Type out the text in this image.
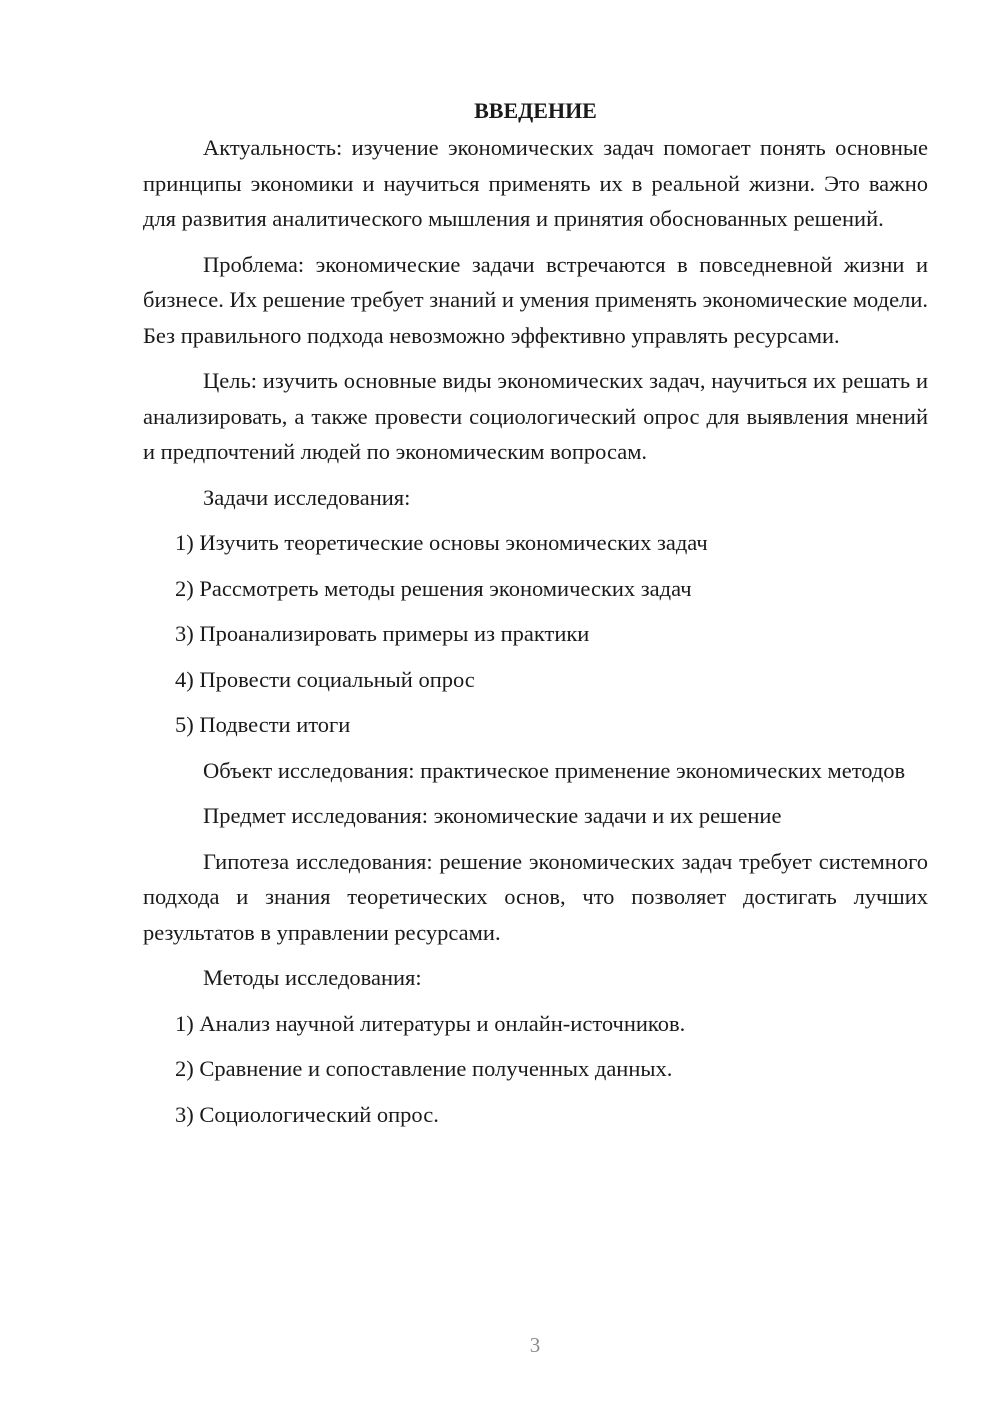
ВВЕДЕНИЕ

Актуальность: изучение экономических задач помогает понять основные принципы экономики и научиться применять их в реальной жизни. Это важно для развития аналитического мышления и принятия обоснованных решений.

Проблема: экономические задачи встречаются в повседневной жизни и бизнесе. Их решение требует знаний и умения применять экономические модели. Без правильного подхода невозможно эффективно управлять ресурсами.

Цель: изучить основные виды экономических задач, научиться их решать и анализировать, а также провести социологический опрос для выявления мнений и предпочтений людей по экономическим вопросам.

Задачи исследования:

1) Изучить теоретические основы экономических задач
2) Рассмотреть методы решения экономических задач
3) Проанализировать примеры из практики
4) Провести социальный опрос
5) Подвести итоги

Объект исследования: практическое применение экономических методов

Предмет исследования: экономические задачи и их решение

Гипотеза исследования: решение экономических задач требует системного подхода и знания теоретических основ, что позволяет достигать лучших результатов в управлении ресурсами.

Методы исследования:

1) Анализ научной литературы и онлайн-источников.
2) Сравнение и сопоставление полученных данных.
3) Социологический опрос.
3
